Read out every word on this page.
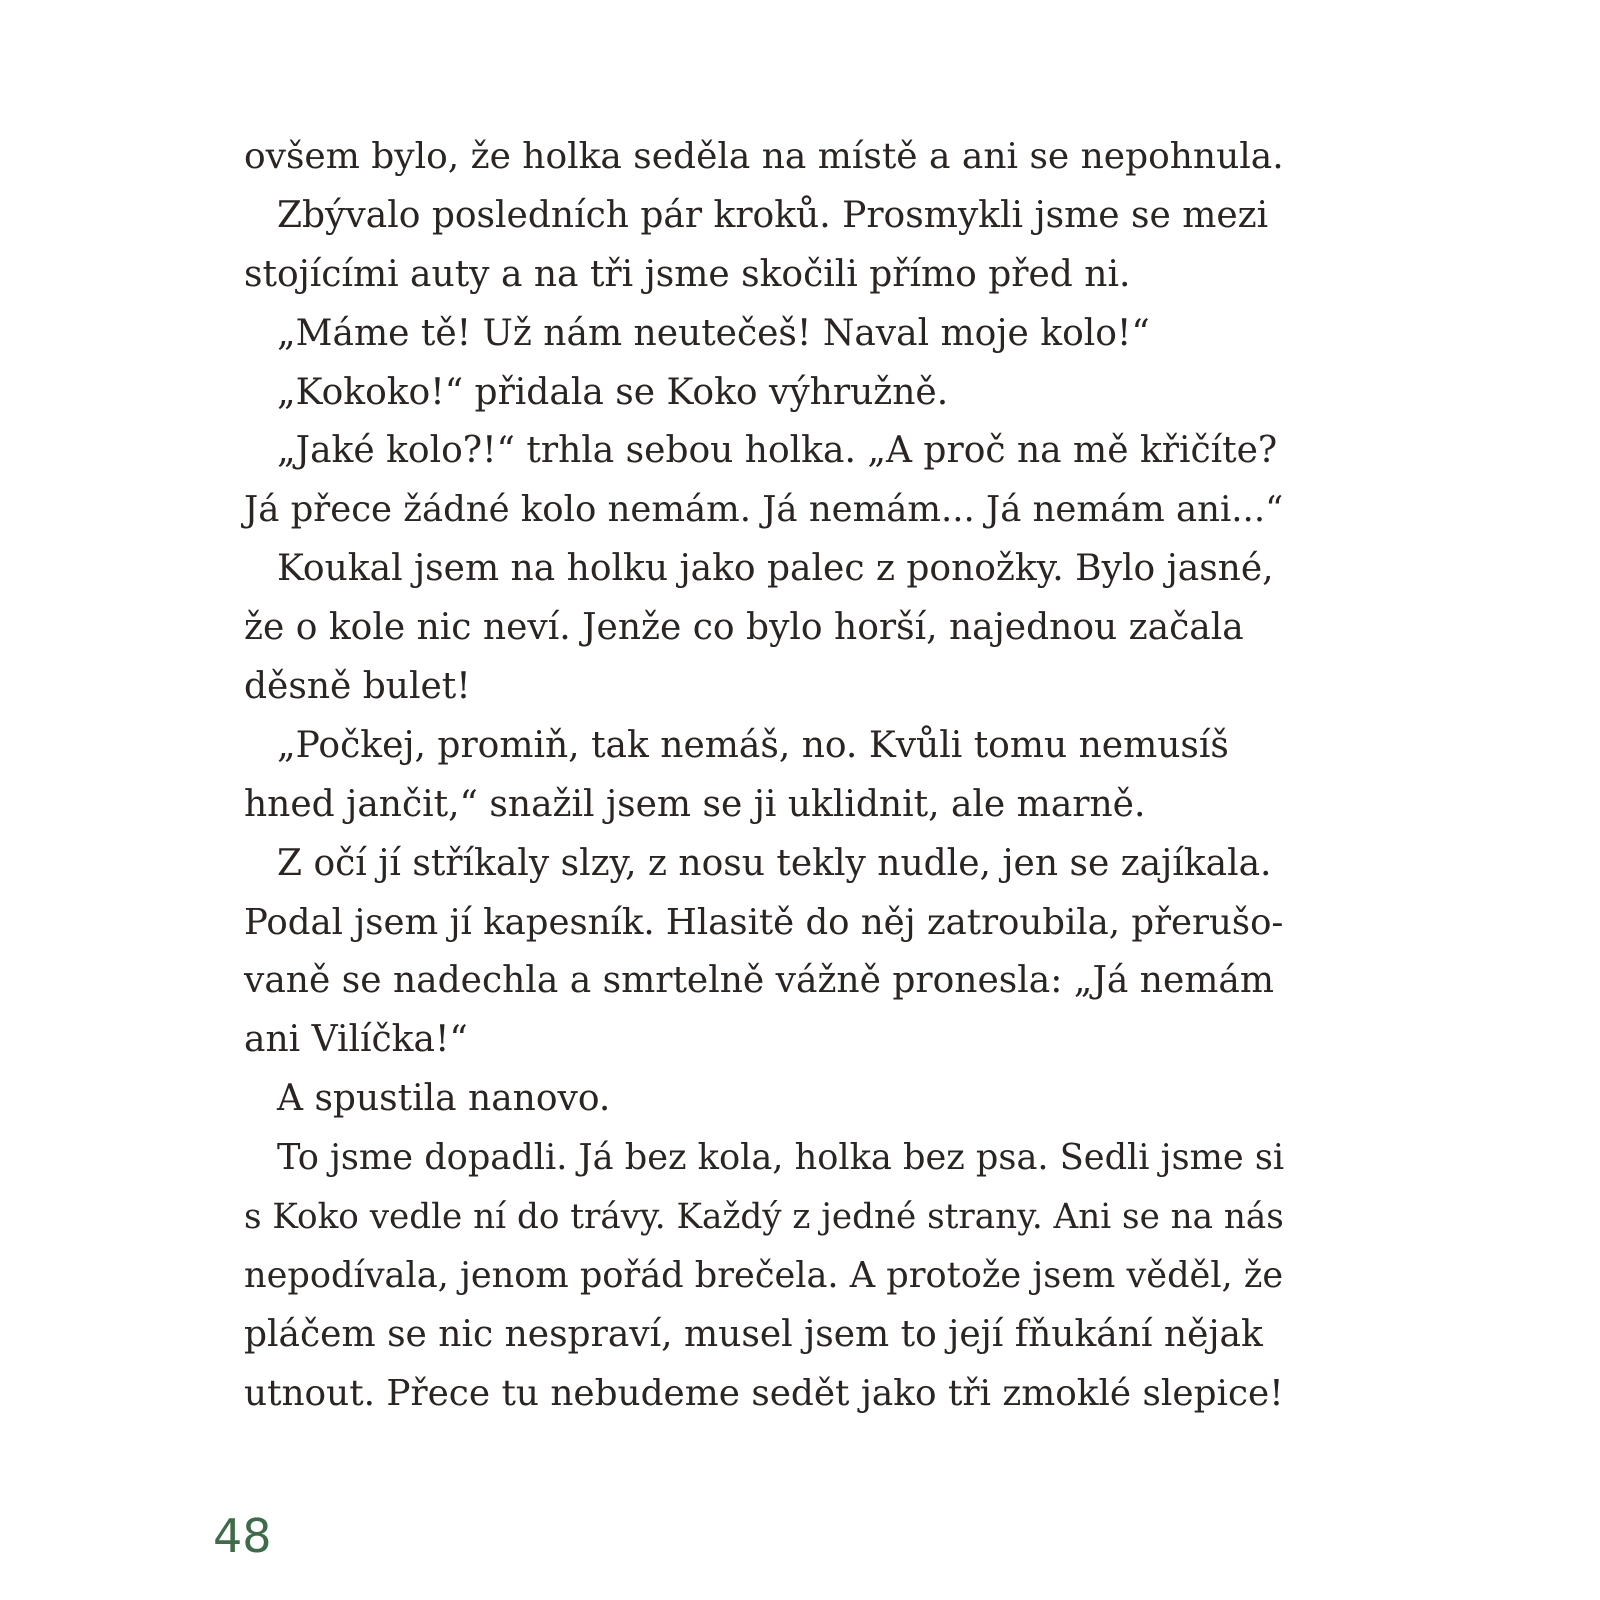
ovšem bylo, že holka seděla na místě a ani se nepohnula.
Zbývalo posledních pár kroků. Prosmykli jsme se mezi
stojícími auty a na tři jsme skočili přímo před ni.
„Máme tě! Už nám neutečeš! Naval moje kolo!“
„Kokoko!“ přidala se Koko výhružně.
„Jaké kolo?!“ trhla sebou holka. „A proč na mě křičíte?
Já přece žádné kolo nemám. Já nemám... Já nemám ani...“
Koukal jsem na holku jako palec z ponožky. Bylo jasné,
že o kole nic neví. Jenže co bylo horší, najednou začala
děsně bulet!
„Počkej, promiň, tak nemáš, no. Kvůli tomu nemusíš
hned jančit,“ snažil jsem se ji uklidnit, ale marně.
Z očí jí stříkaly slzy, z nosu tekly nudle, jen se zajíkala.
Podal jsem jí kapesník. Hlasitě do něj zatroubila, přerušo-
vaně se nadechla a smrtelně vážně pronesla: „Já nemám
ani Vilíčka!“
A spustila nanovo.
To jsme dopadli. Já bez kola, holka bez psa. Sedli jsme si
s Koko vedle ní do trávy. Každý z jedné strany. Ani se na nás
nepodívala, jenom pořád brečela. A protože jsem věděl, že
pláčem se nic nespraví, musel jsem to její fňukání nějak
utnout. Přece tu nebudeme sedět jako tři zmoklé slepice!
48
